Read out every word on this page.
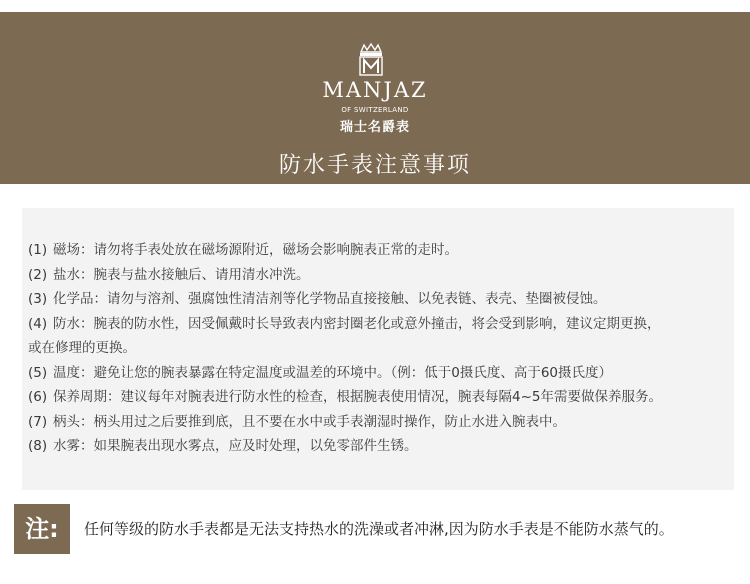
MANJAZ
OF SWITZERLAND
瑞士名爵表
防水手表注意事项
(1) 磁场：请勿将手表处放在磁场源附近，磁场会影响腕表正常的走时。
(2) 盐水：腕表与盐水接触后、请用清水冲洗。
(3) 化学品：请勿与溶剂、强腐蚀性清洁剂等化学物品直接接触、以免表链、表壳、垫圈被侵蚀。
(4) 防水：腕表的防水性，因受佩戴时长导致表内密封圈老化或意外撞击，将会受到影响，建议定期更换，
或在修理的更换。
(5) 温度：避免让您的腕表暴露在特定温度或温差的环境中。（例：低于0摄氏度、高于60摄氏度）
(6) 保养周期：建议每年对腕表进行防水性的检查，根据腕表使用情况，腕表每隔4~5年需要做保养服务。
(7) 柄头：柄头用过之后要推到底，且不要在水中或手表潮湿时操作，防止水进入腕表中。
(8) 水雾：如果腕表出现水雾点，应及时处理，以免零部件生锈。
注:	任何等级的防水手表都是无法支持热水的洗澡或者冲淋,因为防水手表是不能防水蒸气的。
